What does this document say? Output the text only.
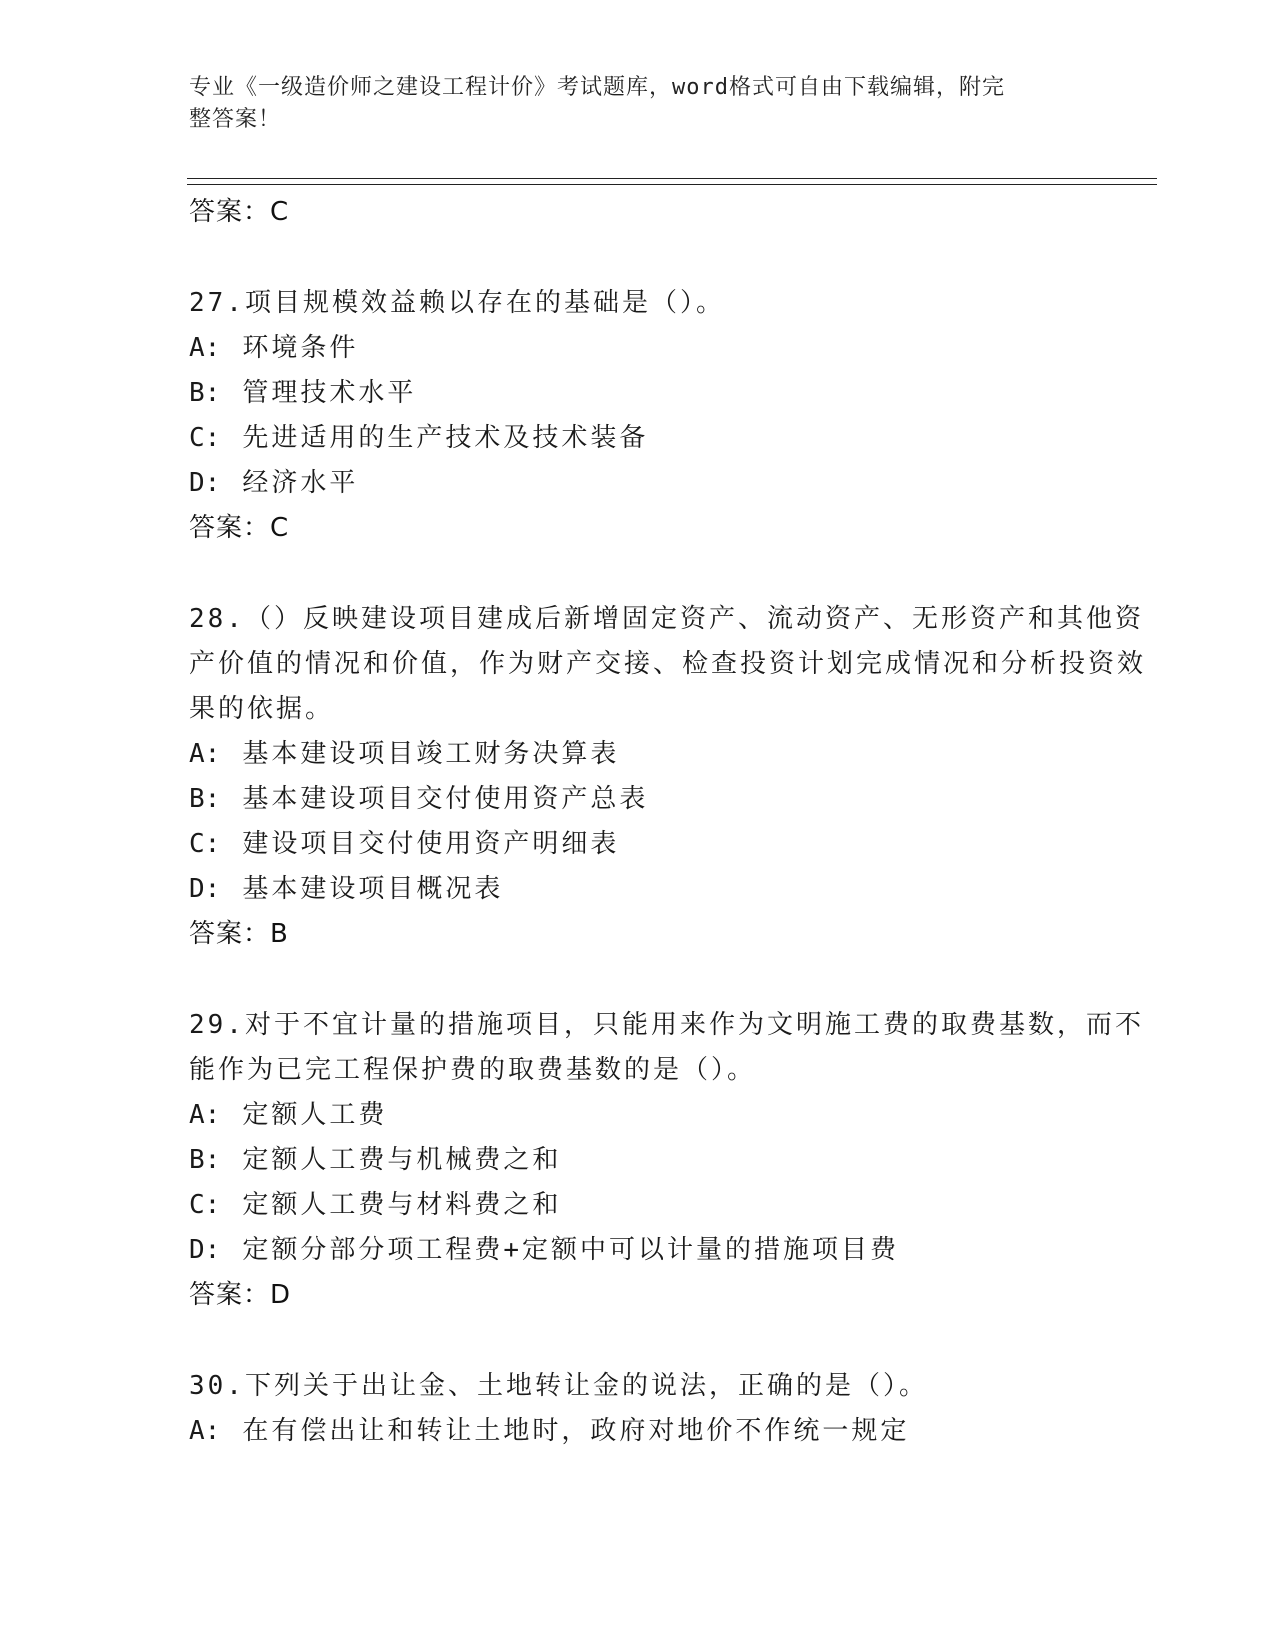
专业《一级造价师之建设工程计价》考试题库，word格式可自由下载编辑，附完
整答案！
答案：C
27.项目规模效益赖以存在的基础是（）。
A: 环境条件
B: 管理技术水平
C: 先进适用的生产技术及技术装备
D: 经济水平
答案：C
28.（）反映建设项目建成后新增固定资产、流动资产、无形资产和其他资产价值的情况和价值，作为财产交接、检查投资计划完成情况和分析投资效果的依据。
A: 基本建设项目竣工财务决算表
B: 基本建设项目交付使用资产总表
C: 建设项目交付使用资产明细表
D: 基本建设项目概况表
答案：B
29.对于不宜计量的措施项目，只能用来作为文明施工费的取费基数，而不能作为已完工程保护费的取费基数的是（）。
A: 定额人工费
B: 定额人工费与机械费之和
C: 定额人工费与材料费之和
D: 定额分部分项工程费+定额中可以计量的措施项目费
答案：D
30.下列关于出让金、土地转让金的说法，正确的是（）。
A: 在有偿出让和转让土地时，政府对地价不作统一规定
